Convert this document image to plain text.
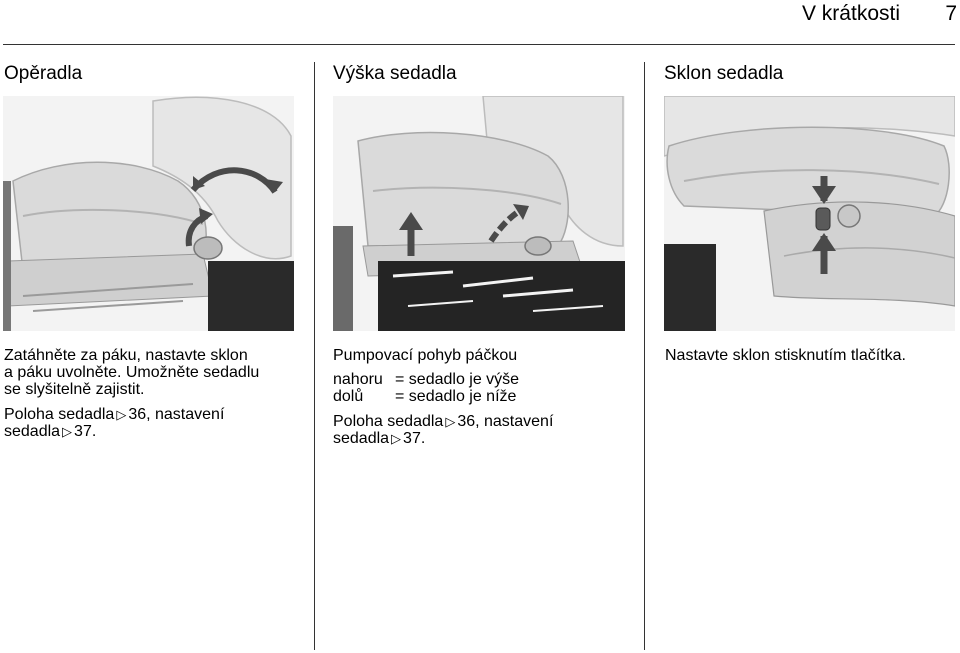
V krátkosti 7
Opěradla

Zatáhněte za páku, nastavte sklon

a páku uvolněte. Umožněte sedadlu

se slyšitelně zajistit.

Poloha sedadla ▷ 36, nastavení

sedadla ▷ 37.

Výška sedadla

Pumpovací pohyb páčkou

nahoru	= sedadlo je výše
dolů	= sedadlo je níže

Poloha sedadla ▷ 36, nastavení

sedadla ▷ 37.

Sklon sedadla

Nastavte sklon stisknutím tlačítka.
